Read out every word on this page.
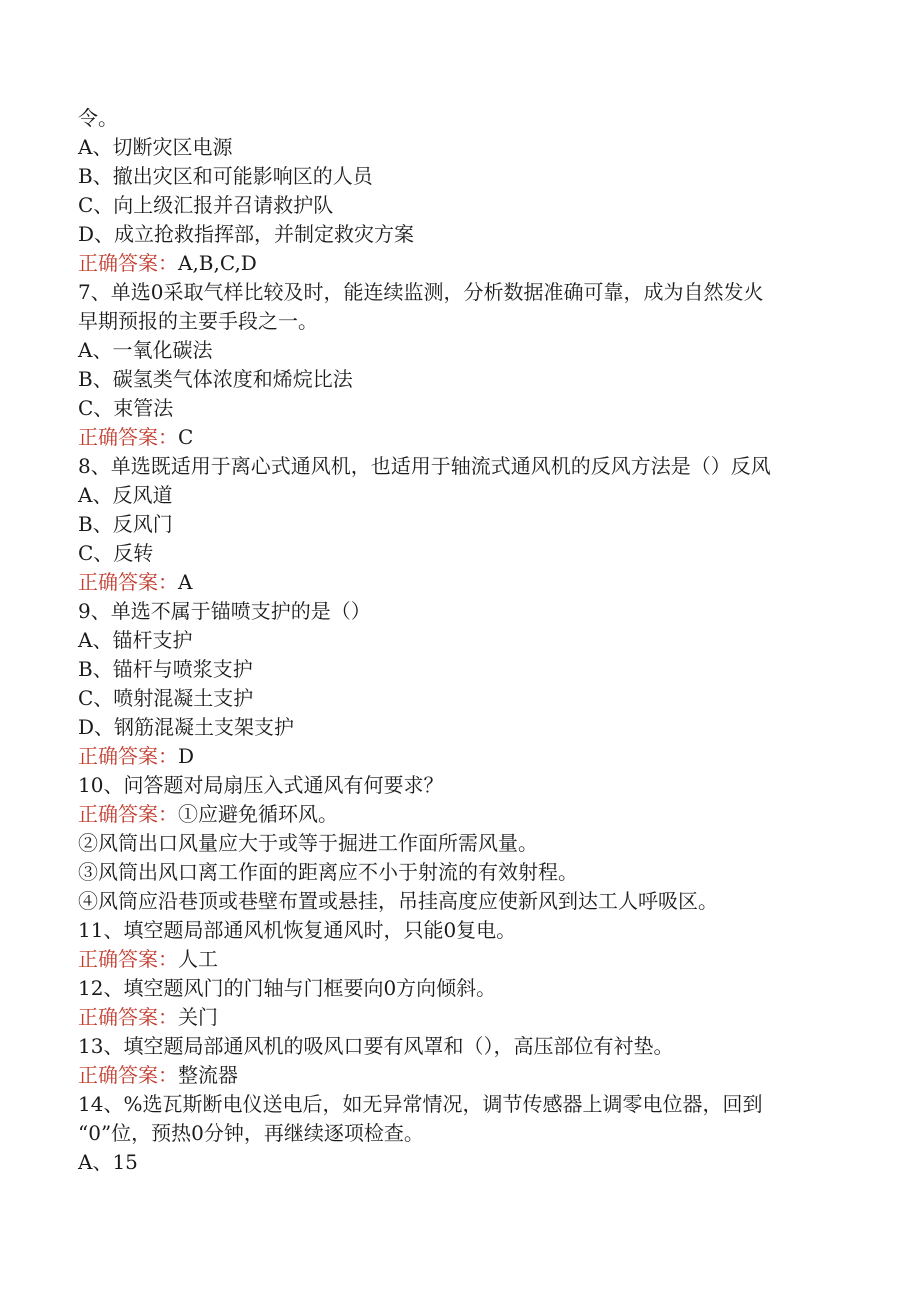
令。
A、切断灾区电源
B、撤出灾区和可能影响区的人员
C、向上级汇报并召请救护队
D、成立抢救指挥部，并制定救灾方案
正确答案：A,B,C,D
7、单选0采取气样比较及时，能连续监测，分析数据准确可靠，成为自然发火
早期预报的主要手段之一。
A、一氧化碳法
B、碳氢类气体浓度和烯烷比法
C、束管法
正确答案：C
8、单选既适用于离心式通风机，也适用于轴流式通风机的反风方法是（）反风
A、反风道
B、反风门
C、反转
正确答案：A
9、单选不属于锚喷支护的是（）
A、锚杆支护
B、锚杆与喷浆支护
C、喷射混凝土支护
D、钢筋混凝土支架支护
正确答案：D
10、问答题对局扇压入式通风有何要求？
正确答案：①应避免循环风。
②风筒出口风量应大于或等于掘进工作面所需风量。
③风筒出风口离工作面的距离应不小于射流的有效射程。
④风筒应沿巷顶或巷壁布置或悬挂，吊挂高度应使新风到达工人呼吸区。
11、填空题局部通风机恢复通风时，只能0复电。
正确答案：人工
12、填空题风门的门轴与门框要向0方向倾斜。
正确答案：关门
13、填空题局部通风机的吸风口要有风罩和（），高压部位有衬垫。
正确答案：整流器
14、%选瓦斯断电仪送电后，如无异常情况，调节传感器上调零电位器，回到
“0”位，预热0分钟，再继续逐项检查。
A、15
